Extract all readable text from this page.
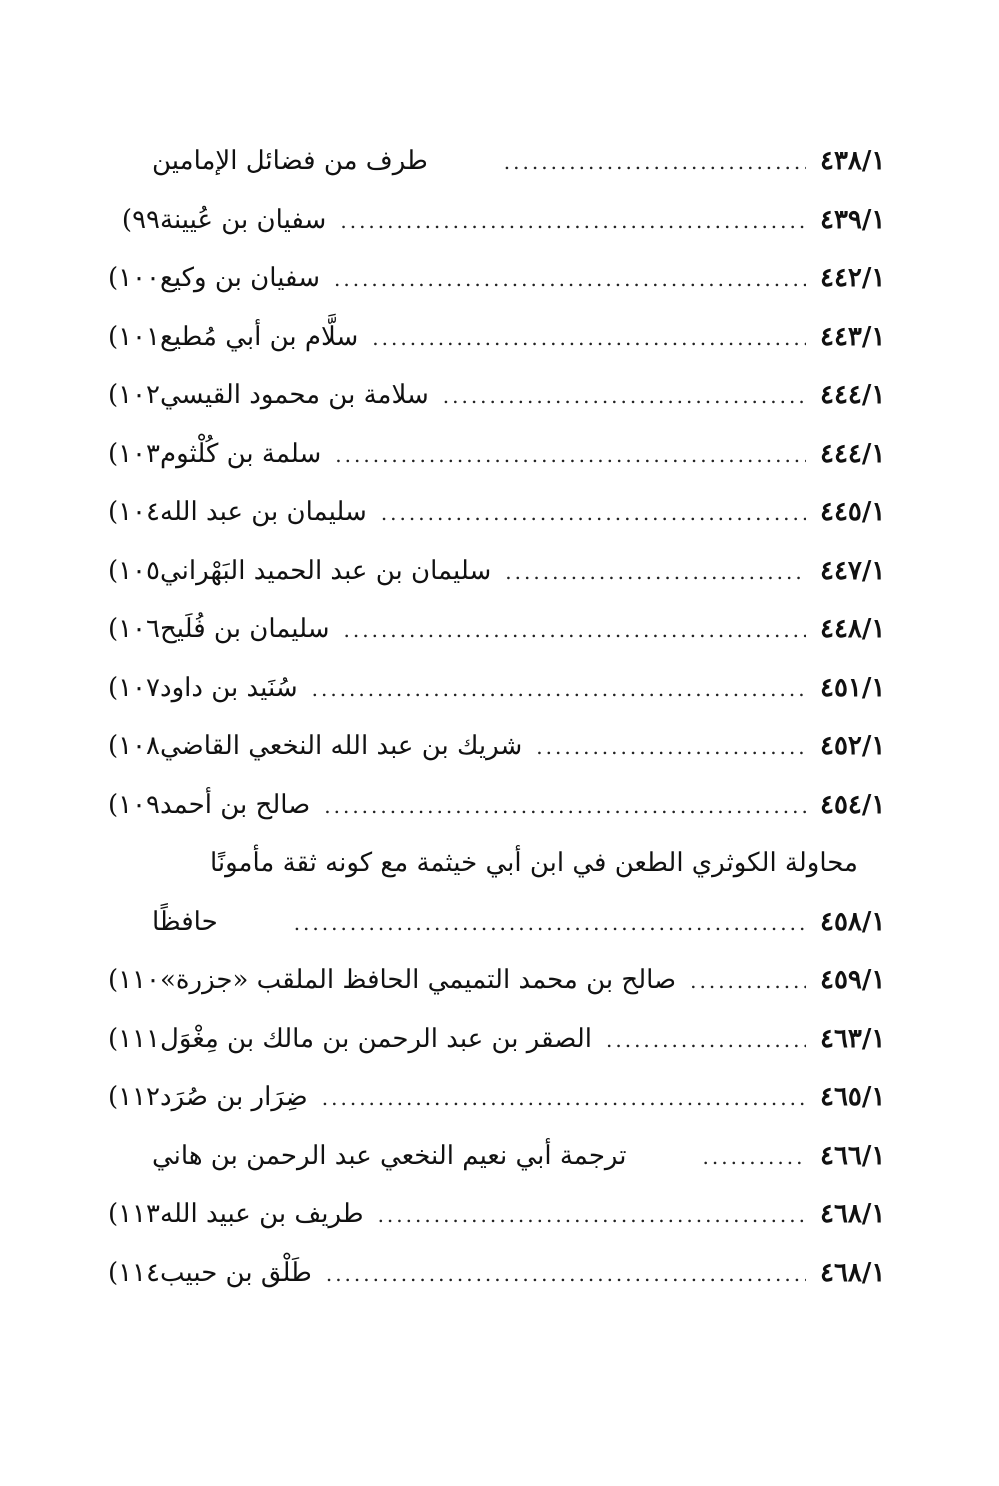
طرف من فضائل الإمامين .....	٤٣٨/١
٩٩) سفيان بن عُيينة .....	٤٣٩/١
١٠٠) سفيان بن وكيع .....	٤٤٢/١
١٠١) سلَّام بن أبي مُطيع .....	٤٤٣/١
١٠٢) سلامة بن محمود القيسي .....	٤٤٤/١
١٠٣) سلمة بن كُلْثوم .....	٤٤٤/١
١٠٤) سليمان بن عبد الله .....	٤٤٥/١
١٠٥) سليمان بن عبد الحميد البَهْراني .....	٤٤٧/١
١٠٦) سليمان بن فُلَيح .....	٤٤٨/١
١٠٧) سُنَيد بن داود .....	٤٥١/١
١٠٨) شريك بن عبد الله النخعي القاضي .....	٤٥٢/١
١٠٩) صالح بن أحمد .....	٤٥٤/١
محاولة الكوثري الطعن في ابن أبي خيثمة مع كونه ثقة مأمونًا
حافظًا .....	٤٥٨/١
١١٠) صالح بن محمد التميمي الحافظ الملقب «جزرة» .....	٤٥٩/١
١١١) الصقر بن عبد الرحمن بن مالك بن مِغْوَل .....	٤٦٣/١
١١٢) ضِرَار بن صُرَد .....	٤٦٥/١
ترجمة أبي نعيم النخعي عبد الرحمن بن هاني .....	٤٦٦/١
١١٣) طريف بن عبيد الله .....	٤٦٨/١
١١٤) طَلْق بن حبيب .....	٤٦٨/١
